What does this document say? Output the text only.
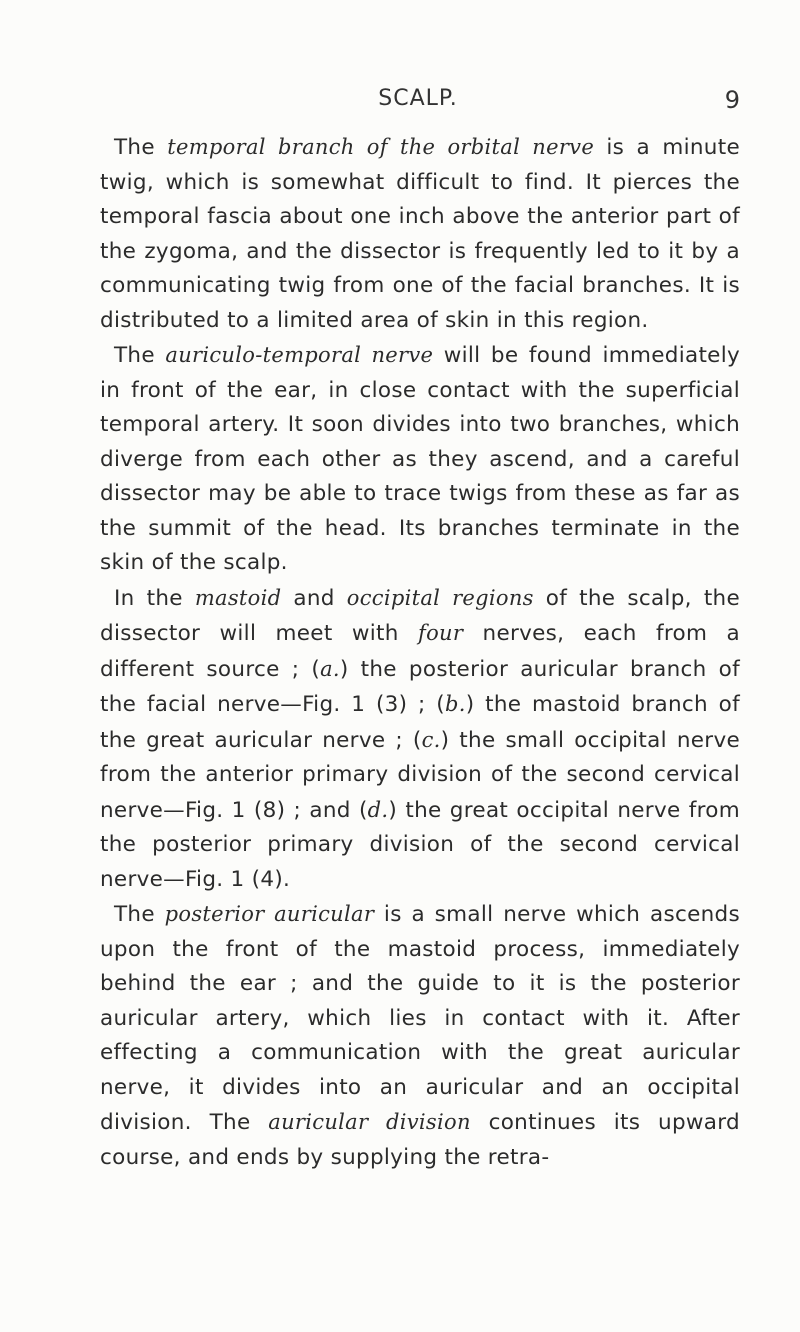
SCALP.	9

The temporal branch of the orbital nerve is a minute twig, which is somewhat difficult to find. It pierces the temporal fascia about one inch above the anterior part of the zygoma, and the dissector is frequently led to it by a communicating twig from one of the facial branches. It is distributed to a limited area of skin in this region.

The auriculo-temporal nerve will be found immediately in front of the ear, in close contact with the superficial temporal artery. It soon divides into two branches, which diverge from each other as they ascend, and a careful dissector may be able to trace twigs from these as far as the summit of the head. Its branches terminate in the skin of the scalp.

In the mastoid and occipital regions of the scalp, the dissector will meet with four nerves, each from a different source ; (a.) the posterior auricular branch of the facial nerve—Fig. 1 (3) ; (b.) the mastoid branch of the great auricular nerve ; (c.) the small occipital nerve from the anterior primary division of the second cervical nerve—Fig. 1 (8) ; and (d.) the great occipital nerve from the posterior primary division of the second cervical nerve—Fig. 1 (4).

The posterior auricular is a small nerve which ascends upon the front of the mastoid process, immediately behind the ear ; and the guide to it is the posterior auricular artery, which lies in contact with it. After effecting a communication with the great auricular nerve, it divides into an auricular and an occipital division. The auricular division continues its upward course, and ends by supplying the retra-
